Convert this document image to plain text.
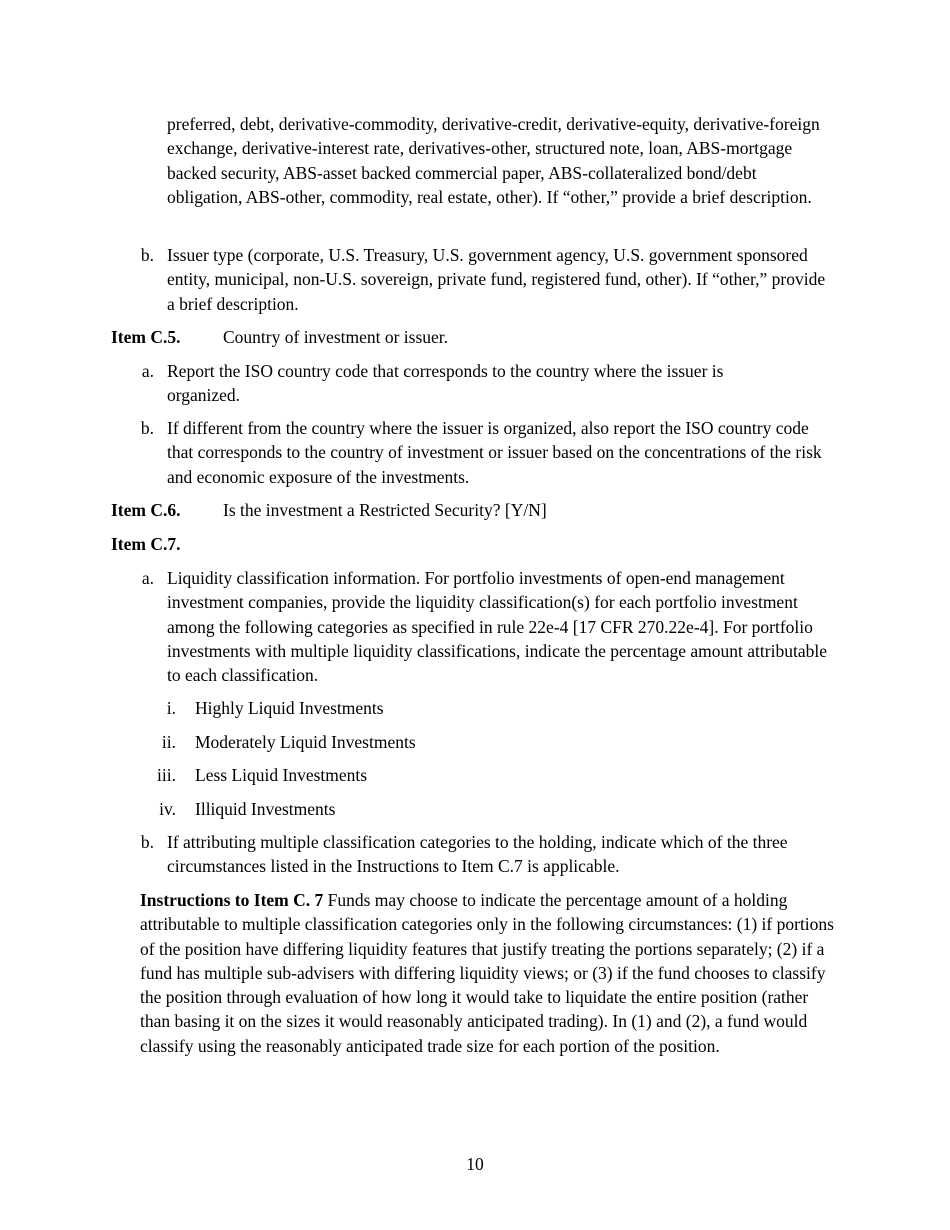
preferred, debt, derivative-commodity, derivative-credit, derivative-equity, derivative-foreign exchange, derivative-interest rate, derivatives-other, structured note, loan, ABS-mortgage backed security, ABS-asset backed commercial paper, ABS-collateralized bond/debt obligation, ABS-other, commodity, real estate, other). If “other,” provide a brief description.

b. Issuer type (corporate, U.S. Treasury, U.S. government agency, U.S. government sponsored entity, municipal, non-U.S. sovereign, private fund, registered fund, other). If “other,” provide a brief description.

Item C.5. Country of investment or issuer.
a. Report the ISO country code that corresponds to the country where the issuer is organized.

b. If different from the country where the issuer is organized, also report the ISO country code that corresponds to the country of investment or issuer based on the concentrations of the risk and economic exposure of the investments.

Item C.6. Is the investment a Restricted Security? [Y/N]
Item C.7.
a. Liquidity classification information. For portfolio investments of open-end management investment companies, provide the liquidity classification(s) for each portfolio investment among the following categories as specified in rule 22e-4 [17 CFR 270.22e-4]. For portfolio investments with multiple liquidity classifications, indicate the percentage amount attributable to each classification.

i. Highly Liquid Investments
ii. Moderately Liquid Investments
iii. Less Liquid Investments
iv. Illiquid Investments
b. If attributing multiple classification categories to the holding, indicate which of the three circumstances listed in the Instructions to Item C.7 is applicable.

Instructions to Item C. 7 Funds may choose to indicate the percentage amount of a holding attributable to multiple classification categories only in the following circumstances: (1) if portions of the position have differing liquidity features that justify treating the portions separately; (2) if a fund has multiple sub-advisers with differing liquidity views; or (3) if the fund chooses to classify the position through evaluation of how long it would take to liquidate the entire position (rather than basing it on the sizes it would reasonably anticipated trading). In (1) and (2), a fund would classify using the reasonably anticipated trade size for each portion of the position.

10
